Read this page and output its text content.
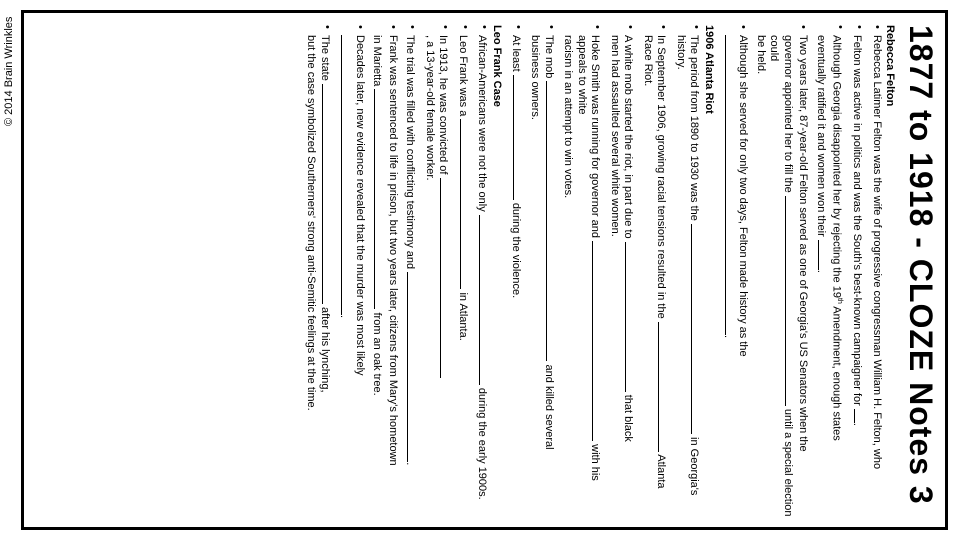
© 2014 Brain Wrinkles	1877 to 1918 - CLOZE Notes 3
Rebecca Felton
• Rebecca Latimer Felton was the wife of progressive congressman William H. Felton, who
• Felton was active in politics and was the South's best-known campaigner for .
• Although Georgia disappointed her by rejecting the 19th Amendment, enough states
eventually ratified it and women won their .
• Two years later, 87-year-old Felton served as one of Georgia's US Senators when the
governor appointed her to fill the  until a special election could
be held.
• Although she served for only two days, Felton made history as the
.
1906 Atlanta Riot
• The period from 1890 to 1930 was the  in Georgia's history.
• In September 1906, growing racial tensions resulted in the  Atlanta Race Riot.
• A white mob started the riot, in part due to  that black
men had assaulted several white women.
• Hoke Smith was running for governor and  with his appeals to white
racism in an attempt to win votes.
• The mob  and killed several
business owners.
• At least  during the violence.
Leo Frank Case
• African-Americans were not the only  during the early 1900s.
• Leo Frank was a  in Atlanta.
• In 1913, he was convicted of
, a 13-year-old female worker.
• The trial was filled with conflicting testimony and .
• Frank was sentenced to life in prison, but two years later, citizens from Mary's hometown
in Marietta  from an oak tree.
• Decades later, new evidence revealed that the murder was most likely
.
• The state  after his lynching,
but the case symbolized Southerners' strong anti-Semitic feelings at the time.
